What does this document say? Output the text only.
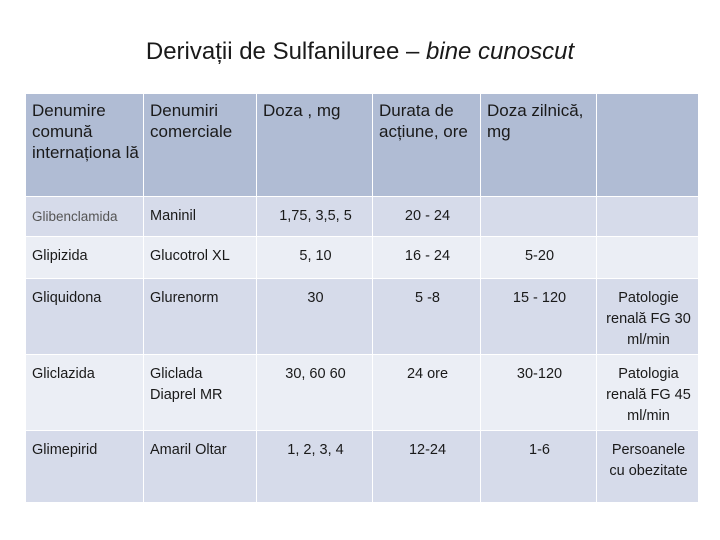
Derivații de Sulfaniluree – bine cunoscut
Denumire comună internaționa lă	Denumiri comerciale	Doza , mg	Durata de acțiune, ore	Doza zilnică, mg	
Glibenclamida	Maninil	1,75, 3,5, 5	20 - 24		
Glipizida	Glucotrol XL	5, 10	16 - 24	5-20	
Gliquidona	Glurenorm	30	5 -8	15 - 120	Patologie renală FG 30 ml/min
Gliclazida	Gliclada Diaprel MR	30, 60 60	24 ore	30-120	Patologia renală FG 45 ml/min
Glimepirid	Amaril Oltar	1, 2, 3, 4	12-24	1-6	Persoanele cu obezitate
